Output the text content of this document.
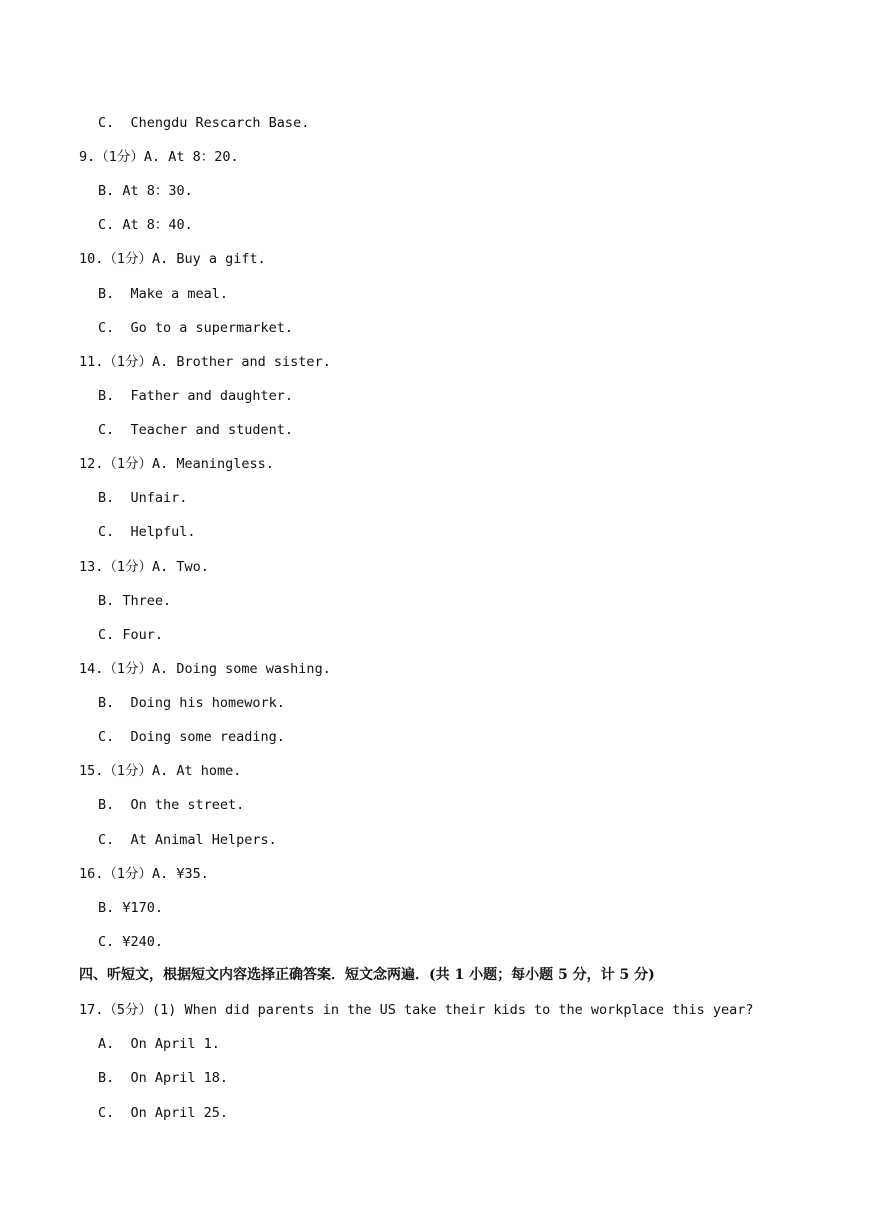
C.  Chengdu Rescarch Base.
9.（1分）A. At 8：20.
B. At 8：30.
C. At 8：40.
10.（1分）A. Buy a gift.
B.  Make a meal.
C.  Go to a supermarket.
11.（1分）A. Brother and sister.
B.  Father and daughter.
C.  Teacher and student.
12.（1分）A. Meaningless.
B.  Unfair.
C.  Helpful.
13.（1分）A. Two.
B. Three.
C. Four.
14.（1分）A. Doing some washing.
B.  Doing his homework.
C.  Doing some reading.
15.（1分）A. At home.
B.  On the street.
C.  At Animal Helpers.
16.（1分）A. ¥35.
B. ¥170.
C. ¥240.
四、听短文，根据短文内容选择正确答案．短文念两遍．(共 1 小题；每小题 5 分，计 5 分)
17.（5分）(1) When did parents in the US take their kids to the workplace this year?
A.  On April 1.
B.  On April 18.
C.  On April 25.
